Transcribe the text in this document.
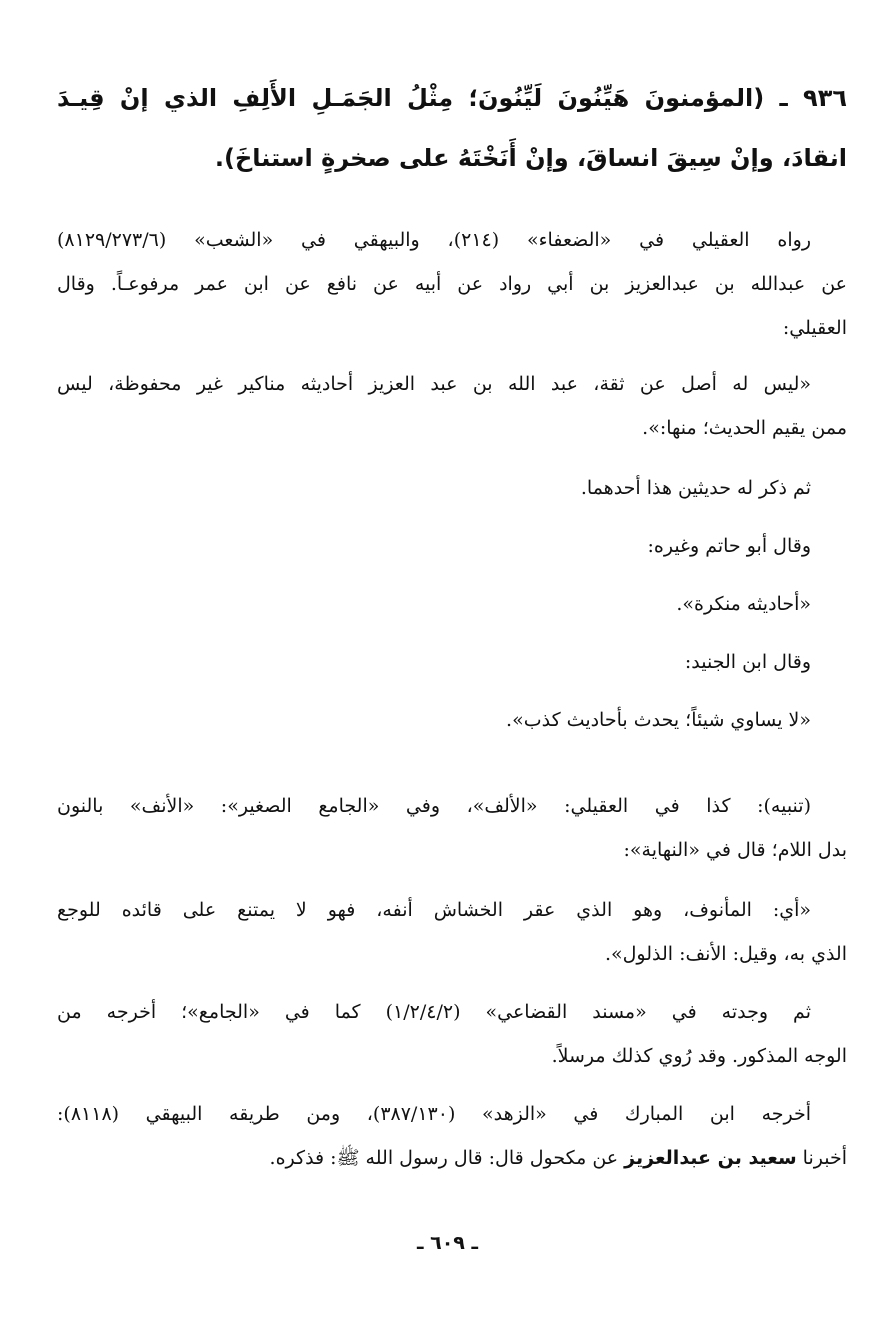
٩٣٦ ـ (المؤمنونَ هَيِّنُونَ لَيِّنُونَ؛ مِثْلُ الجَمَـلِ الأَلِفِ الذي إنْ قِيـدَ
انقادَ، وإنْ سِيقَ انساقَ، وإنْ أَنَخْتَهُ على صخرةٍ استناخَ).
رواه العقيلي في «الضعفاء» (٢١٤)، والبيهقي في «الشعب» (٨١٢٩/٢٧٣/٦)
عن عبدالله بن عبدالعزيز بن أبي رواد عن أبيه عن نافع عن ابن عمر مرفوعـاً. وقال
العقيلي:
«ليس له أصل عن ثقة، عبد الله بن عبد العزيز أحاديثه مناكير غير محفوظة، ليس
ممن يقيم الحديث؛ منها:».
ثم ذكر له حديثين هذا أحدهما.
وقال أبو حاتم وغيره:
«أحاديثه منكرة».
وقال ابن الجنيد:
«لا يساوي شيئاً؛ يحدث بأحاديث كذب».
(تنبيه): كذا في العقيلي: «الألف»، وفي «الجامع الصغير»: «الأنف» بالنون
بدل اللام؛ قال في «النهاية»:
«أي: المأنوف، وهو الذي عقر الخشاش أنفه، فهو لا يمتنع على قائده للوجع
الذي به، وقيل: الأنف: الذلول».
ثم وجدته في «مسند القضاعي» (١/٢/٤/٢) كما في «الجامع»؛ أخرجه من
الوجه المذكور. وقد رُوي كذلك مرسلاً.
أخرجه ابن المبارك في «الزهد» (٣٨٧/١٣٠)، ومن طريقه البيهقي (٨١١٨):
أخبرنا سعيد بن عبدالعزيز عن مكحول قال: قال رسول الله ﷺ: فذكره.
ـ ٦٠٩ ـ
